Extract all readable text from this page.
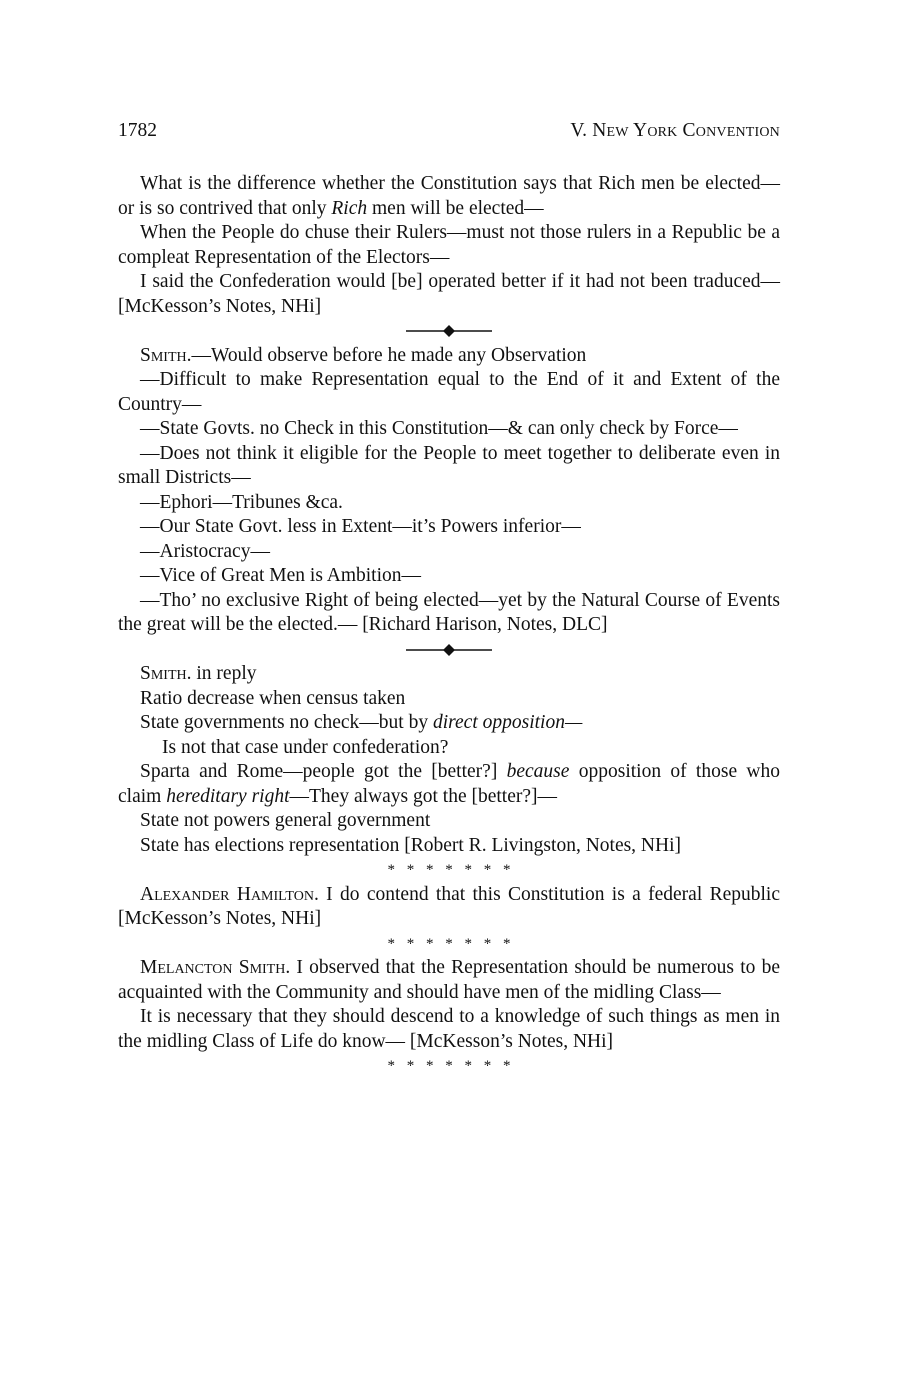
1782	V. New York Convention

What is the difference whether the Constitution says that Rich men be elected—or is so contrived that only Rich men will be elected—

When the People do chuse their Rulers—must not those rulers in a Republic be a compleat Representation of the Electors—

I said the Confederation would [be] operated better if it had not been traduced— [McKesson’s Notes, NHi]

Smith.—Would observe before he made any Observation

—Difficult to make Representation equal to the End of it and Extent of the Country—

—State Govts. no Check in this Constitution—& can only check by Force—

—Does not think it eligible for the People to meet together to deliberate even in small Districts—

—Ephori—Tribunes &ca.

—Our State Govt. less in Extent—it’s Powers inferior—

—Aristocracy—

—Vice of Great Men is Ambition—

—Tho’ no exclusive Right of being elected—yet by the Natural Course of Events the great will be the elected.— [Richard Harison, Notes, DLC]

Smith. in reply

Ratio decrease when census taken

State governments no check—but by direct opposition—

Is not that case under confederation?

Sparta and Rome—people got the [better?] because opposition of those who claim hereditary right—They always got the [better?]—

State not powers general government

State has elections representation [Robert R. Livingston, Notes, NHi]

* * * * * * *

Alexander Hamilton. I do contend that this Constitution is a federal Republic [McKesson’s Notes, NHi]

* * * * * * *

Melancton Smith. I observed that the Representation should be numerous to be acquainted with the Community and should have men of the midling Class—

It is necessary that they should descend to a knowledge of such things as men in the midling Class of Life do know— [McKesson’s Notes, NHi]

* * * * * * *
